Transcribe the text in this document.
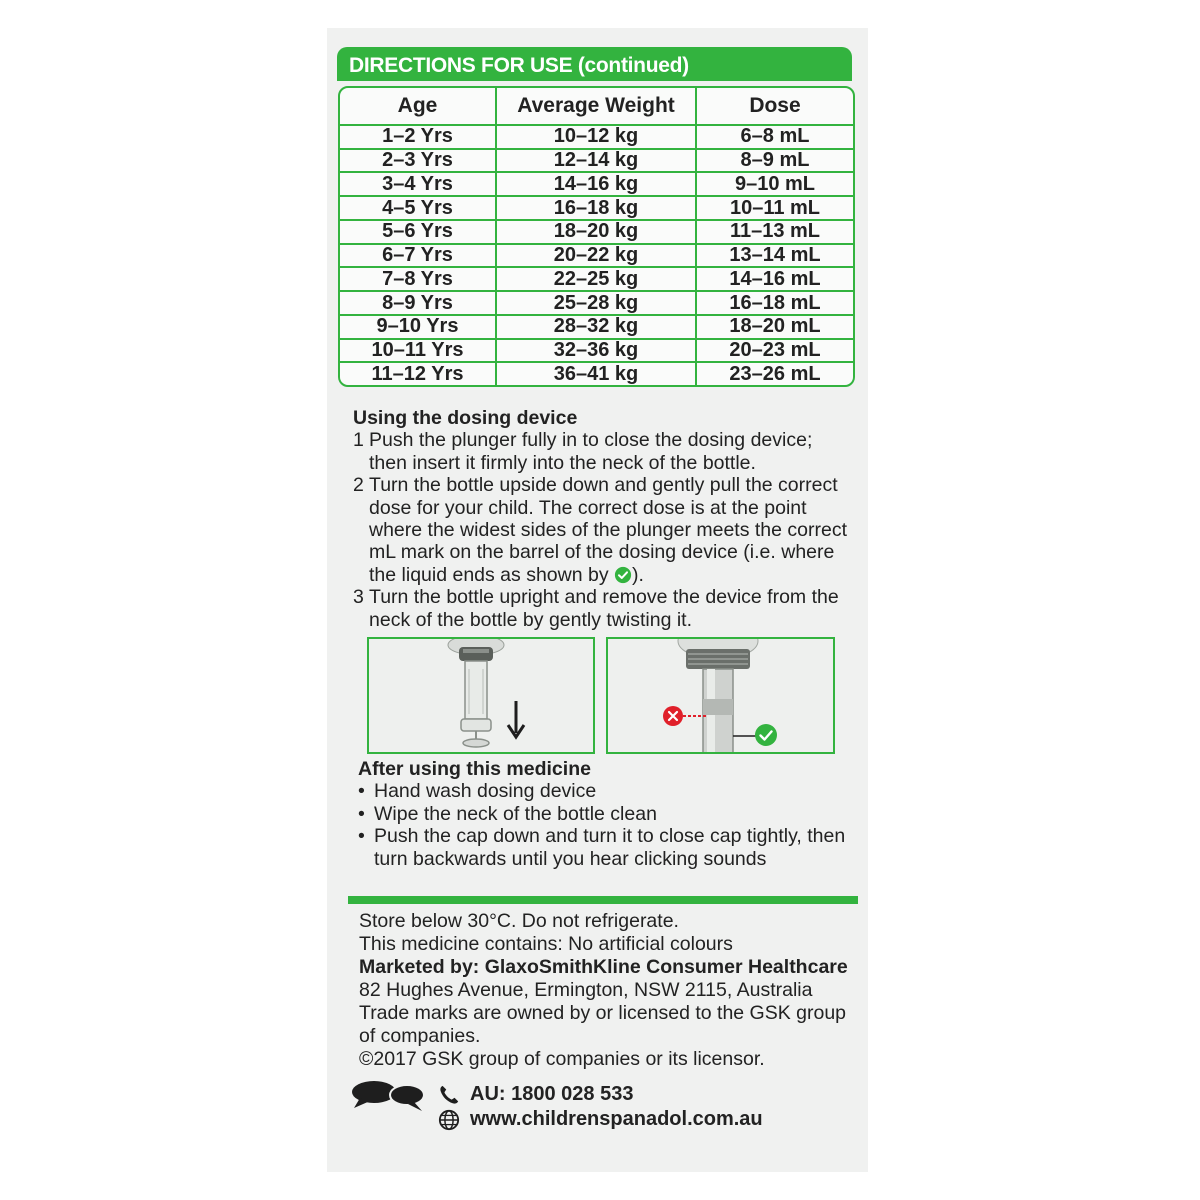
DIRECTIONS FOR USE (continued)
Age	Average Weight	Dose
1–2 Yrs	10–12 kg	6–8 mL
2–3 Yrs	12–14 kg	8–9 mL
3–4 Yrs	14–16 kg	9–10 mL
4–5 Yrs	16–18 kg	10–11 mL
5–6 Yrs	18–20 kg	11–13 mL
6–7 Yrs	20–22 kg	13–14 mL
7–8 Yrs	22–25 kg	14–16 mL
8–9 Yrs	25–28 kg	16–18 mL
9–10 Yrs	28–32 kg	18–20 mL
10–11 Yrs	32–36 kg	20–23 mL
11–12 Yrs	36–41 kg	23–26 mL
Using the dosing device
1 Push the plunger fully in to close the dosing device; then insert it firmly into the neck of the bottle.
2 Turn the bottle upside down and gently pull the correct dose for your child. The correct dose is at the point where the widest sides of the plunger meets the correct mL mark on the barrel of the dosing device (i.e. where the liquid ends as shown by ).
3 Turn the bottle upright and remove the device from the neck of the bottle by gently twisting it.
After using this medicine
• Hand wash dosing device
• Wipe the neck of the bottle clean
• Push the cap down and turn it to close cap tightly, then turn backwards until you hear clicking sounds
Store below 30°C. Do not refrigerate.
This medicine contains: No artificial colours
Marketed by: GlaxoSmithKline Consumer Healthcare
82 Hughes Avenue, Ermington, NSW 2115, Australia
Trade marks are owned by or licensed to the GSK group of companies.
©2017 GSK group of companies or its licensor.
AU: 1800 028 533
www.childrenspanadol.com.au
